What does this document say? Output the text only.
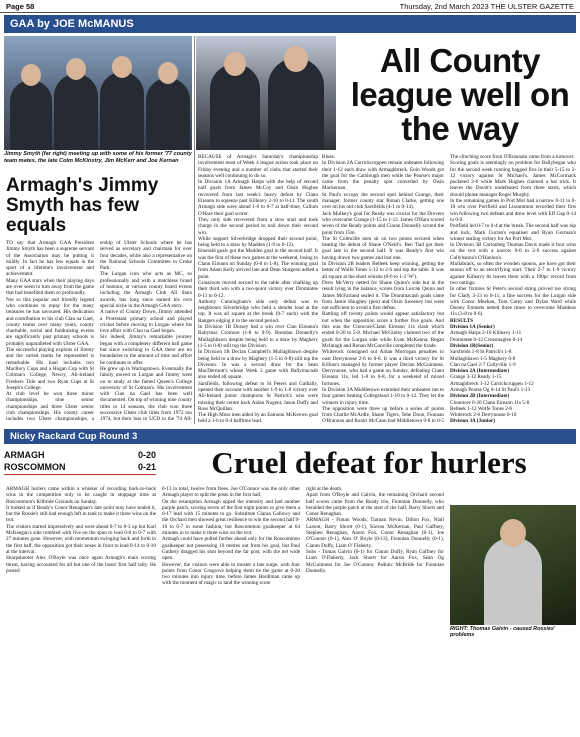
Page 58	Thursday, 2nd March 2023 THE ULSTER GAZETTE
GAA by JOE McMANUS
Jimmy Smyth (far right) meeting up with some of his former '77 county team mates, the late Colm McKinstry, Jim McKerr and Joe Kernan
Armagh's Jimmy Smyth has few equals

TO say that Armagh GAA President Jimmy Smyth has been a supreme servant of the Association may be putting it mildly. In fact he has few equals in the sport of a lifetime's involvement and achievement.

Many GAA stars when their playing days are over seem to turn away from the game that had benefited them so profoundly.

Not so this popular and friendly legend who continues to repay for the many treasures he has savoured. His dedication and contribution to his club Clan na Gael, county teams over many years, county charitable, social and fundraising events are significantly past primary schools is probably unparalleled with Ulster GAA.

The successful playing exploits of Jimmy and the varied teams he represented is remarkable. His haul includes two MacRory Cups and a Hogan Cup with St Colman's College, Newry, All-Ireland Freshers Title and two Ryan Cups at St Joseph's College.

At club level he won three minor championships, nine senior championships and three Ulster senior club championships. His county career includes two Ulster championships, a

ership of Ulster Schools where he has served as secretary and chairman for over four decades, while also a representative on the National Schools Committee in Croke Park.

The Lurgan icon who acts as MC, so professionally and with a matchless brand of humour, at various county board events including the Armagh Club All Stars awards, has long since earned his own special niche in the Armagh GAA story.

A native of County Down, Jimmy attended a Protestant primary school and played cricket before moving to Lurgan where his love affair with Clan na Gael began.

Six indeed, Jimmy's remarkable journey began with a completely different ball game but since switching to GAA there are no boundaries to the amount of time and effort he continues to offer.

He grew up in Waringstown. Eventually the family moved to Lurgan and Jimmy went on to study at the famed Queen's College university of St Colman's. His involvement with Clan na Gael has been well documented. On top of winning nine county titles in 14 seasons, the club won three successive Ulster club titles from 1972 too 1974, but their loss to UCD in the '74 All-

All County league well on the way

BECAUSE of Armagh's Saturday's championship involvement most of Week 4 league action took place on Friday evening and a number of clubs that started their seasons well continuing to do so.

In Division 1A Armagh Harps with the help of second half goals from James McCoy and Oisin Hughes recovered from last week's heavy defeat by Clann Eireann to squeeze past Killeavy 2-10 to 0-11. The south Armagh side were ahead 1-6 to 0-7 at half-time, Callum O'Hare their goal scorer.

They only side recovered from a slow start and took charge in the second period to nail down their second win.

While support Silverbridge dropped their second point, being held to a draw by Madden (1-9 to 0-12).

Emerald goals got the Madden goal in the second half. It was the first of these two games at the weekend, losing to Clann Eireann on Sunday (0-8 to 1-8). The winning goal from Adam Kelly arrived late and Dean Sturgeon added a point.

Grassroots moved second to the table after chalking up their third win with a two-point victory over Dromintee 0-11 to 0-12.

Anthony Cunningham's side only defeat was to neighbours Silverbridge who held a slender lead at the top. It was all square at the break (0-7 each) with the Rangers edging it in the second period.

In Division 1B Dorsey had a win over Clan Eireann's Ballymac Cromore (1-8 to 0-9). Brendan Donnelly's Mullaghbawn despite being held to a draw by Maghery (1-5 to 0-8) still top the Division.

In Division 1B Declan Campbell's Mullaghbawn despite being held to a draw by Maghery (1-5 to 0-8) still top the Division. In was a second draw for the Sean MacDermott's whose Week 3 game with Ballymacnab also ended all square.

Sarsfields, following defeat to St Peters and Galbally, opened their account with another 1-9 to 1-8 victory over All-Ireland junior champions St Patrick's who were missing their centre back Aidan Nugent, Jason Duffy and Ross McQuillan.

The High Moss men aided by an Eamonn McKeown goal held a 1-6 to 0-4 halftime lead.

Blues.

In Division 2A Carrickcruppen remain unbeaten following their 1-12 each draw with Armaghbreck. Eoin Woods got the goal for the Camlough men while the Pearse's major came from the penalty spot converted by Oisin Mackernan.

St Paul's occupy the second spot behind Grange, their manager, former county star Ronan Clarke, getting one over on his old club Sarsfields (4-1 to 0-14).

Jack Mulkey's goal for Ready was crucial for the Drovers who overcame Grange (1-15 to 1-12. James O'Hara scored seven of the Ready points and Ciaran Donnelly scored the point from 15m.

The St Colmcille men sit on two points secured when beating the defeat of Shane O'Neill's. Ben Tiad got their goal late in the second half. It was Ready's first win having drawn two games and lost one.

In Division 2B leaders Belleek keep winning, getting the better of Wolfe Tones 1-12 to 2-6 and top the table. It was all square at the short whistle (0-6 to 1-3 'W').

Drew McVerry netted for Shane Quinn's side but in the result lying in the balance, scores from Lorcan Quinn and James McFarland sealed it. The Drummacash goals came from Jamie Haughey (pen) and Oisin Sweeney but were not sufficient to avoid a first defeat.

Rattling off twenty points would appear satisfactory but not when the opposition score a further five goals. And this was the Cloncore/Clann Eireann 11s clash which ended 0-20 to 5-8. Michael McGinley claimed two of the goals for the Lurgan side while Evan McKenna, Regan McIntagh and Ronan McConville completed the tirade.

Whiterock consigned out Aidan Morrogan penalties to oust Derrynoose 2-6 to 0-8. It was a third victory for St Killian's managed by former player Declan McGuinness. Derrynoose, who had a game on Sunday, defeating Clann Eireann 11s, led 1-8 to 0-8, for a weekend of mixed fortunes.

In Division 3A Middletown extended their unbeaten run to four games beating Collegeland 1-10 to 0-12. They let the winners in injury time.

The opposition were three up before a series of points from Charlie McArdle, Shane Tigers, Tehe Donn, Fionnan O'Brannan and Ruairi McCann had Middletown 0-8 to 0-5

The clinching score from O'Braonain came from a turnover.

Scoring goals is seemingly no problem for Ballyhegan who for the second week running bagged five in their 5-15 to 2-12 victory against St Michael's. James McCormack pocketed 2-6 while Mark Hughes claimed a hat trick. It leaves the Davitt's undefeated from three starts, which should please manager Roger Murphy.

In the remaining games in Port Mor had a narrow 0-11 to 0-10 win over Portfield and Lissummon recorded their first win following two defeats and drew level with Eff Gap 0-14 to 0-9.

Portfield led 0-7 to 0-4 at the break. The second half was nip and tuck, Mark Curran's equaliser and Ryan Gorman's winner sealing victory for An Port Mor.

In Division 3B Cortonbeg Thomas Davis made it four wins on the trot with a narrow 0-6 to 2-9 success against Cullyhanna's O'Hanlon's.

Mullabrack, so often the wooden spoons, are have got their season off to an electrifying start. Their 2-7 to 1-9 victory against Killeavy 8s leaves them with a 100pc record from two outings.

In other fixtures St Peter's second string proved too strong for Clady 3-13 to 0-11, a fine success for the Lurgan side with Conor Meehan, Tom Carey and Dylan Ward while Dorsey Emmets netted three times to overcome Maddens 11s (3-8 to 0-6).

RESULTS

Division 1A (Senior)

Armagh Harps 2-10 Killeavy 1-11

Dromintee 0-12 Crossmaglen 0-14

Division 1B(Senior)

Sarsfields 1-8 St Patrick's 1-8

Mullaghbawn 1-5 Maghery 0-8

Clan na Gael 2-7 Cullyville 1-9

Division 2A (Intermediate)

Grange 3-12 Ready 1-15

Armaghbreck 1-12 Carrickcruppen 1-12

Armagh Pearse Og 0-14 St Paul's 1-13

Division 2B (Intermediate)

Clonmore 0-20 Clann Eireann 11s 5-8

Belleek 1-12 Wolfe Tones 2-6

Whiterock 2-6 Derrynoose 0-10

Division 3A (Junior)

Nicky Rackard Cup Round 3
ARMAGH	0-20
ROSCOMMON	0-21	Cruel defeat for hurlers

ARMAGH hurlers came within a whisker of recording back-to-back wins in the competition only to be caught in stoppage time at Roscommon's Kilbride Grounds on Sunday.

It looked as if Ready's Conor Renaghan's late point may have sealed it, but the Rossie's still had enough left in tank to make it three wins on the trot.

The visitors started impressively and were ahead 0-7 to 0-3 up but Karl McKeegan's side rumbled with five on the spun to lead 0-8 to 0-7 with 27 minutes gone. However, with momentum swinging back and forth in the first half, the opposition got their noses in front to lead 0-14 to 0-10 at the interval.

Sharpshooter Alex O'Boyle was once again Armagh's main scoring threat, having accounted for all but one of the hosts' first half tally. He posted

0-13 in total, twelve from frees. Joe O'Connor was the only other Armagh player to split the posts in the first half.

On the resumption Armagh upped the intensity and had another purple patch, scoring seven of the first eight points to give them a 0-17 lead with 15 minutes to go. Substitute Ciaran Gallowy and the Orchard men showed great resilience to win the second half 0-10 to 0-7 in some fashion, but Roscommon goalkeeper at 64 minutes in to make it three wins on the trot.

Armagh could have pulled further ahead only for the Roscommon goalkeeper not possessing 10 metres out from his goal, but Paul Guthery dragged his shot beyond the far post, with the net wide open.

However, the visitors were able to muster a late surge, with four points from Conor Cosgrove helping them tie the game at 0-20 two minutes into injury time, before James Hardiman came up with the moment of magic to land the winning score

right at the death.

Apart from O'Boyle and Galvin, the remaining Orchard second half scores came from the Ready trio, Fionntan Donnelly, who heralded the purple patch at the start of the half, Barry Shortt and Conor Renaghan.

ARMAGH - Fintan Woods, Tiarnan Nevin, Dillon Fox, Niall Larson, Barry Shortt (0-1), Kieran McKernan, Paul Gaffney, Stephen Renaghan, Aaron Fox, Conor Renaghan (0-1), Joe O'Connor (0-1), Alex O' Boyle (0-13), Fionntan Donnelly (0-1), Ciaran Duffy, Liam O' Flaherty.

Subs - Tomas Galvin (0-1) for Ciaran Duffy, Ryan Gaffney for Liam O'Flaherty, Jack Shortt for Aaron Fox, Sean Og McGuinness for Joe O'Connor, Padraic McBride for Fionntan Donnelly.

RIGHT: Thomas Galvin - caused Rossies' problems
